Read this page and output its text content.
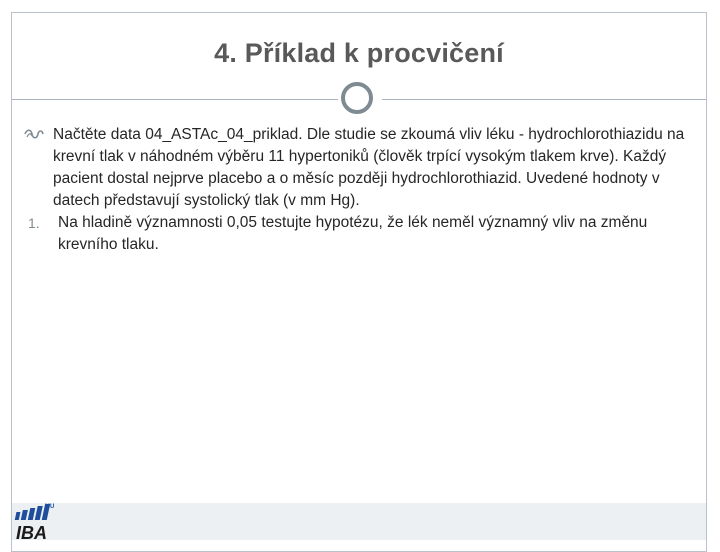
4. Příklad k procvičení
Načtěte data 04_ASTAc_04_priklad. Dle studie se zkoumá vliv léku - hydrochlorothiazidu na krevní tlak v náhodném výběru 11 hypertoniků (člověk trpící vysokým tlakem krve). Každý pacient dostal nejprve placebo a o měsíc později hydrochlorothiazid. Uvedené hodnoty v datech představují systolický tlak (v mm Hg).
1. Na hladině významnosti 0,05 testujte hypotézu, že lék neměl významný vliv na změnu krevního tlaku.
MU
IBA
